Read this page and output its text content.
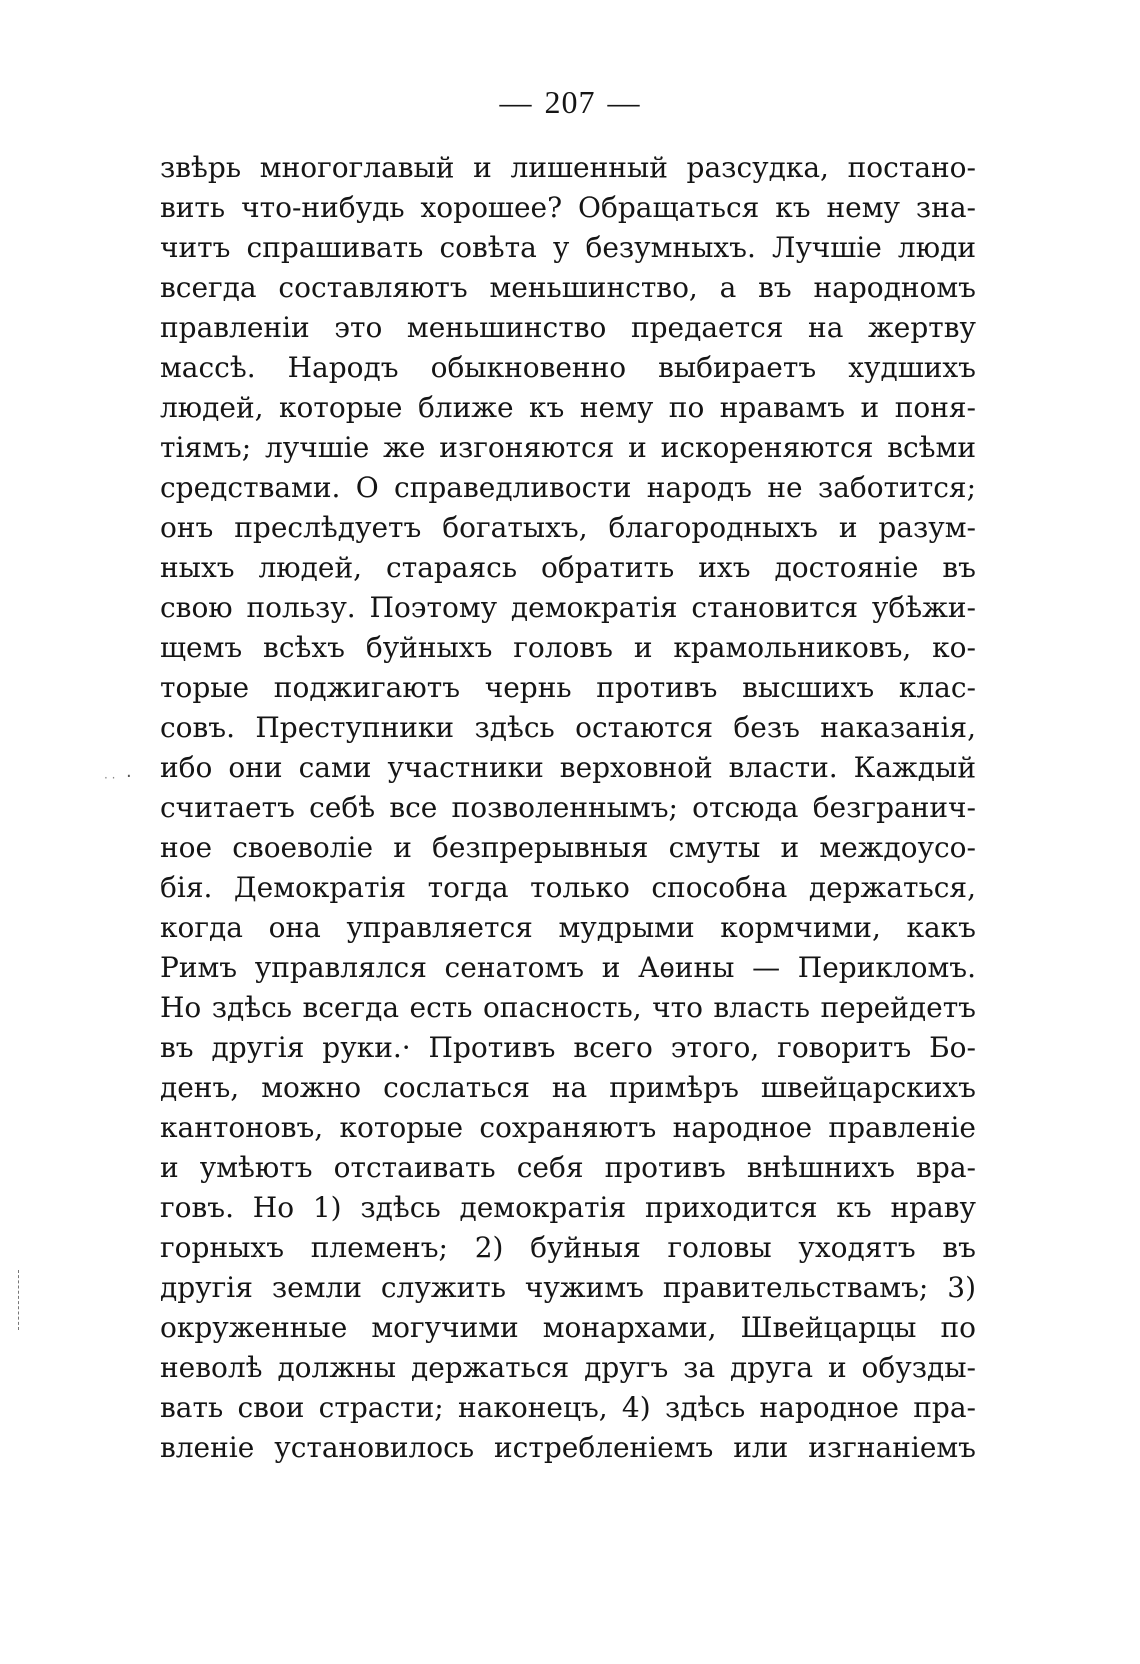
— 207 —
· · ·
звѣрь многоглавый и лишенный разсудка, постано-
вить что-нибудь хорошее? Обращаться къ нему зна-
читъ спрашивать совѣта у безумныхъ. Лучшіе люди
всегда составляютъ меньшинство, а въ народномъ
правленіи это меньшинство предается на жертву
массѣ. Народъ обыкновенно выбираетъ худшихъ
людей, которые ближе къ нему по нравамъ и поня-
тіямъ; лучшіе же изгоняются и искореняются всѣми
средствами. О справедливости народъ не заботится;
онъ преслѣдуетъ богатыхъ, благородныхъ и разум-
ныхъ людей, стараясь обратить ихъ достояніе въ
свою пользу. Поэтому демократія становится убѣжи-
щемъ всѣхъ буйныхъ головъ и крамольниковъ, ко-
торые поджигаютъ чернь противъ высшихъ клас-
совъ. Преступники здѣсь остаются безъ наказанія,
ибо они сами участники верховной власти. Каждый
считаетъ себѣ все позволеннымъ; отсюда безгранич-
ное своеволіе и безпрерывныя смуты и междоусо-
бія. Демократія тогда только способна держаться,
когда она управляется мудрыми кормчими, какъ
Римъ управлялся сенатомъ и Аѳины — Перикломъ.
Но здѣсь всегда есть опасность, что власть перейдетъ
въ другія руки.· Противъ всего этого, говоритъ Бо-
денъ, можно сослаться на примѣръ швейцарскихъ
кантоновъ, которые сохраняютъ народное правленіе
и умѣютъ отстаивать себя противъ внѣшнихъ вра-
говъ. Но 1) здѣсь демократія приходится къ нраву
горныхъ племенъ; 2) буйныя головы уходятъ въ
другія земли служить чужимъ правительствамъ; 3)
окруженные могучими монархами, Швейцарцы по
неволѣ должны держаться другъ за друга и обузды-
вать свои страсти; наконецъ, 4) здѣсь народное пра-
вленіе установилось истребленіемъ или изгнаніемъ
